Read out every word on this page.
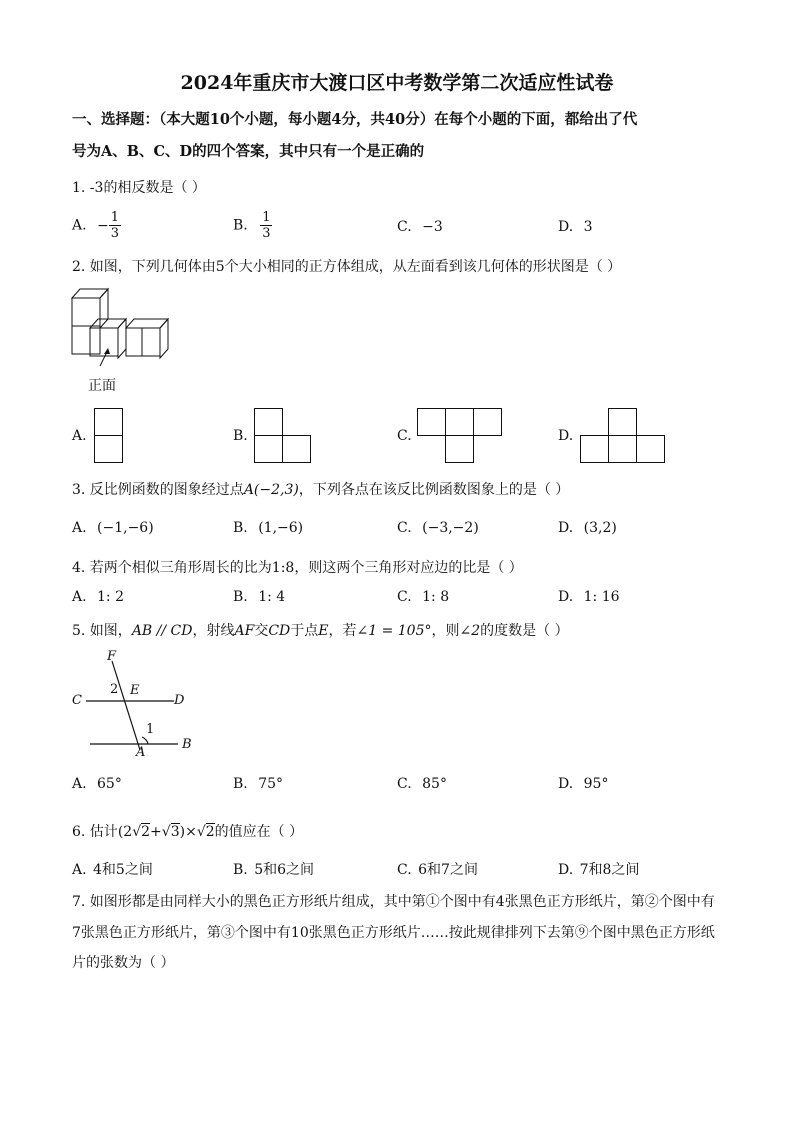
2024年重庆市大渡口区中考数学第二次适应性试卷
一、选择题：（本大题10个小题，每小题4分，共40分）在每个小题的下面，都给出了代
号为A、B、C、D的四个答案，其中只有一个是正确的
1. -3的相反数是（ ）
A. − $\frac{1}{3}$	B. $\frac{1}{3}$	C. −3	D. 3
2. 如图，下列几何体由5个大小相同的正方体组成，从左面看到该几何体的形状图是（ ）
正面
A.	B.	C.	D.
3. 反比例函数的图象经过点A(−2,3)，下列各点在该反比例函数图象上的是（ ）
A. (−1,−6)	B. (1,−6)	C. (−3,−2)	D. (3,2)
4. 若两个相似三角形周长的比为1:8，则这两个三角形对应边的比是（ ）
A. 1: 2	B. 1: 4	C. 1: 8	D. 1: 16
5. 如图，AB // CD，射线AF交CD于点E，若∠1 = 105°，则∠2的度数是（ ）
F
C	D
2 E
1
A
B
A. 65°	B. 75°	C. 85°	D. 95°
6. 估计(2√2+√3)×√2的值应在（ ）
A. 4和5之间	B. 5和6之间	C. 6和7之间	D. 7和8之间
7. 如图形都是由同样大小的黑色正方形纸片组成，其中第①个图中有4张黑色正方形纸片，第②个图中有
7张黑色正方形纸片，第③个图中有10张黑色正方形纸片……按此规律排列下去第⑨个图中黑色正方形纸
片的张数为（ ）
